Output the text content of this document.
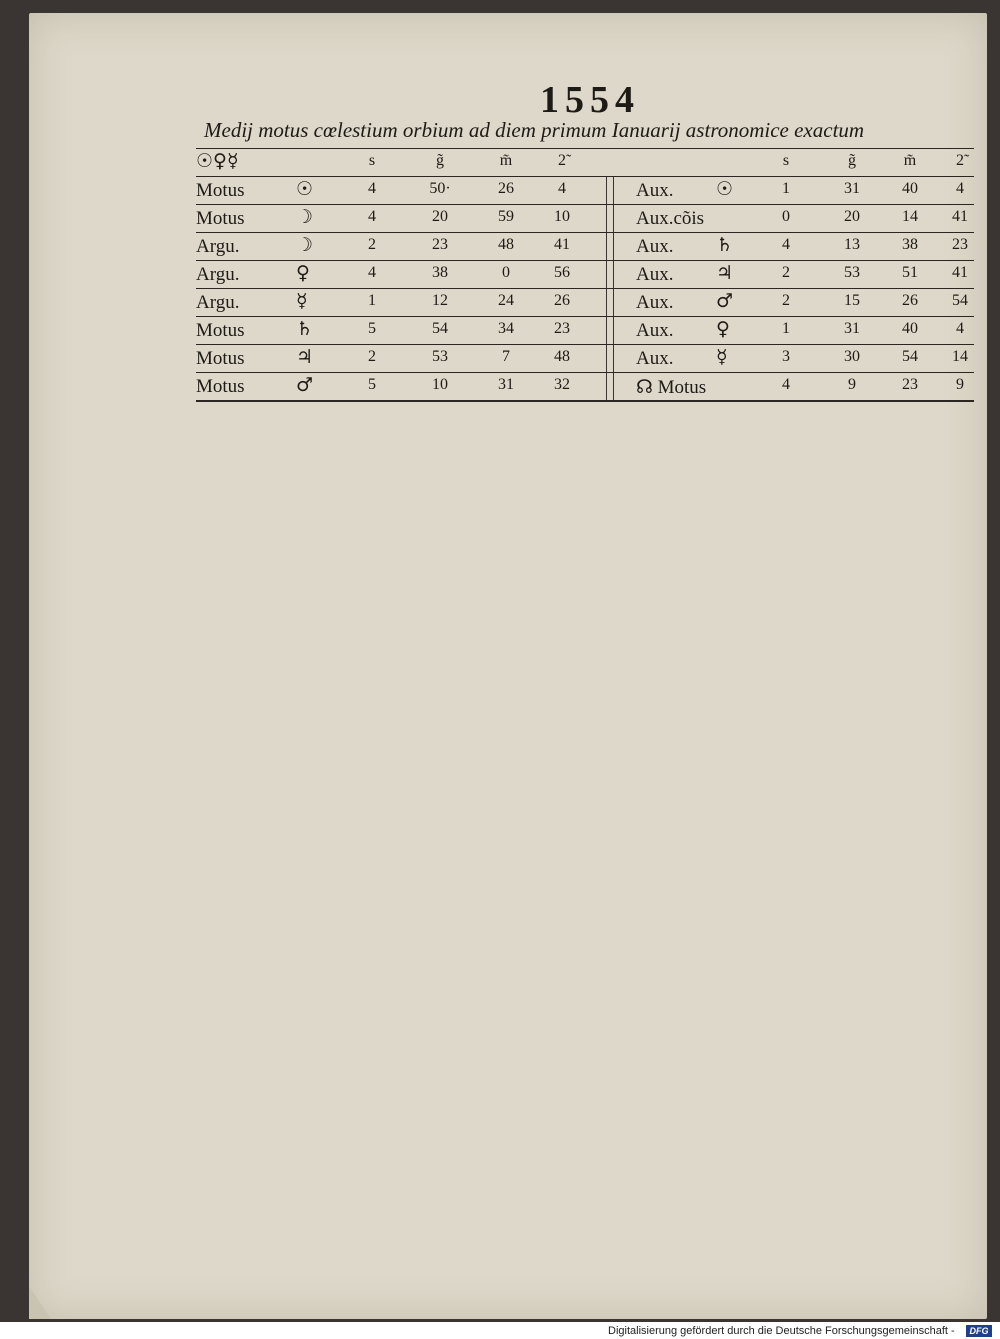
1554
Medij motus cœlestium orbium ad diem primum Ianuarij astronomice exactum
☉♀☿	s	g̃	m̃	2̃	s	g̃	m̃	2̃
Motus	☉	4	50·	26	4	Aux. ☉	1	31	40	4
Motus	☽	4	20	59	10	Aux.cõis	0	20	14	41
Argu.	☽	2	23	48	41	Aux. ♄	4	13	38	23
Argu.	♀	4	38	0	56	Aux. ♃	2	53	51	41
Argu.	☿	1	12	24	26	Aux. ♂	2	15	26	54
Motus	♄	5	54	34	23	Aux. ♀	1	31	40	4
Motus	♃	2	53	7	48	Aux. ☿	3	30	54	14
Motus	♂	5	10	31	32	☊ Motus	4	9	23	9
Digitalisierung gefördert durch die Deutsche Forschungsgemeinschaft -	DFG
